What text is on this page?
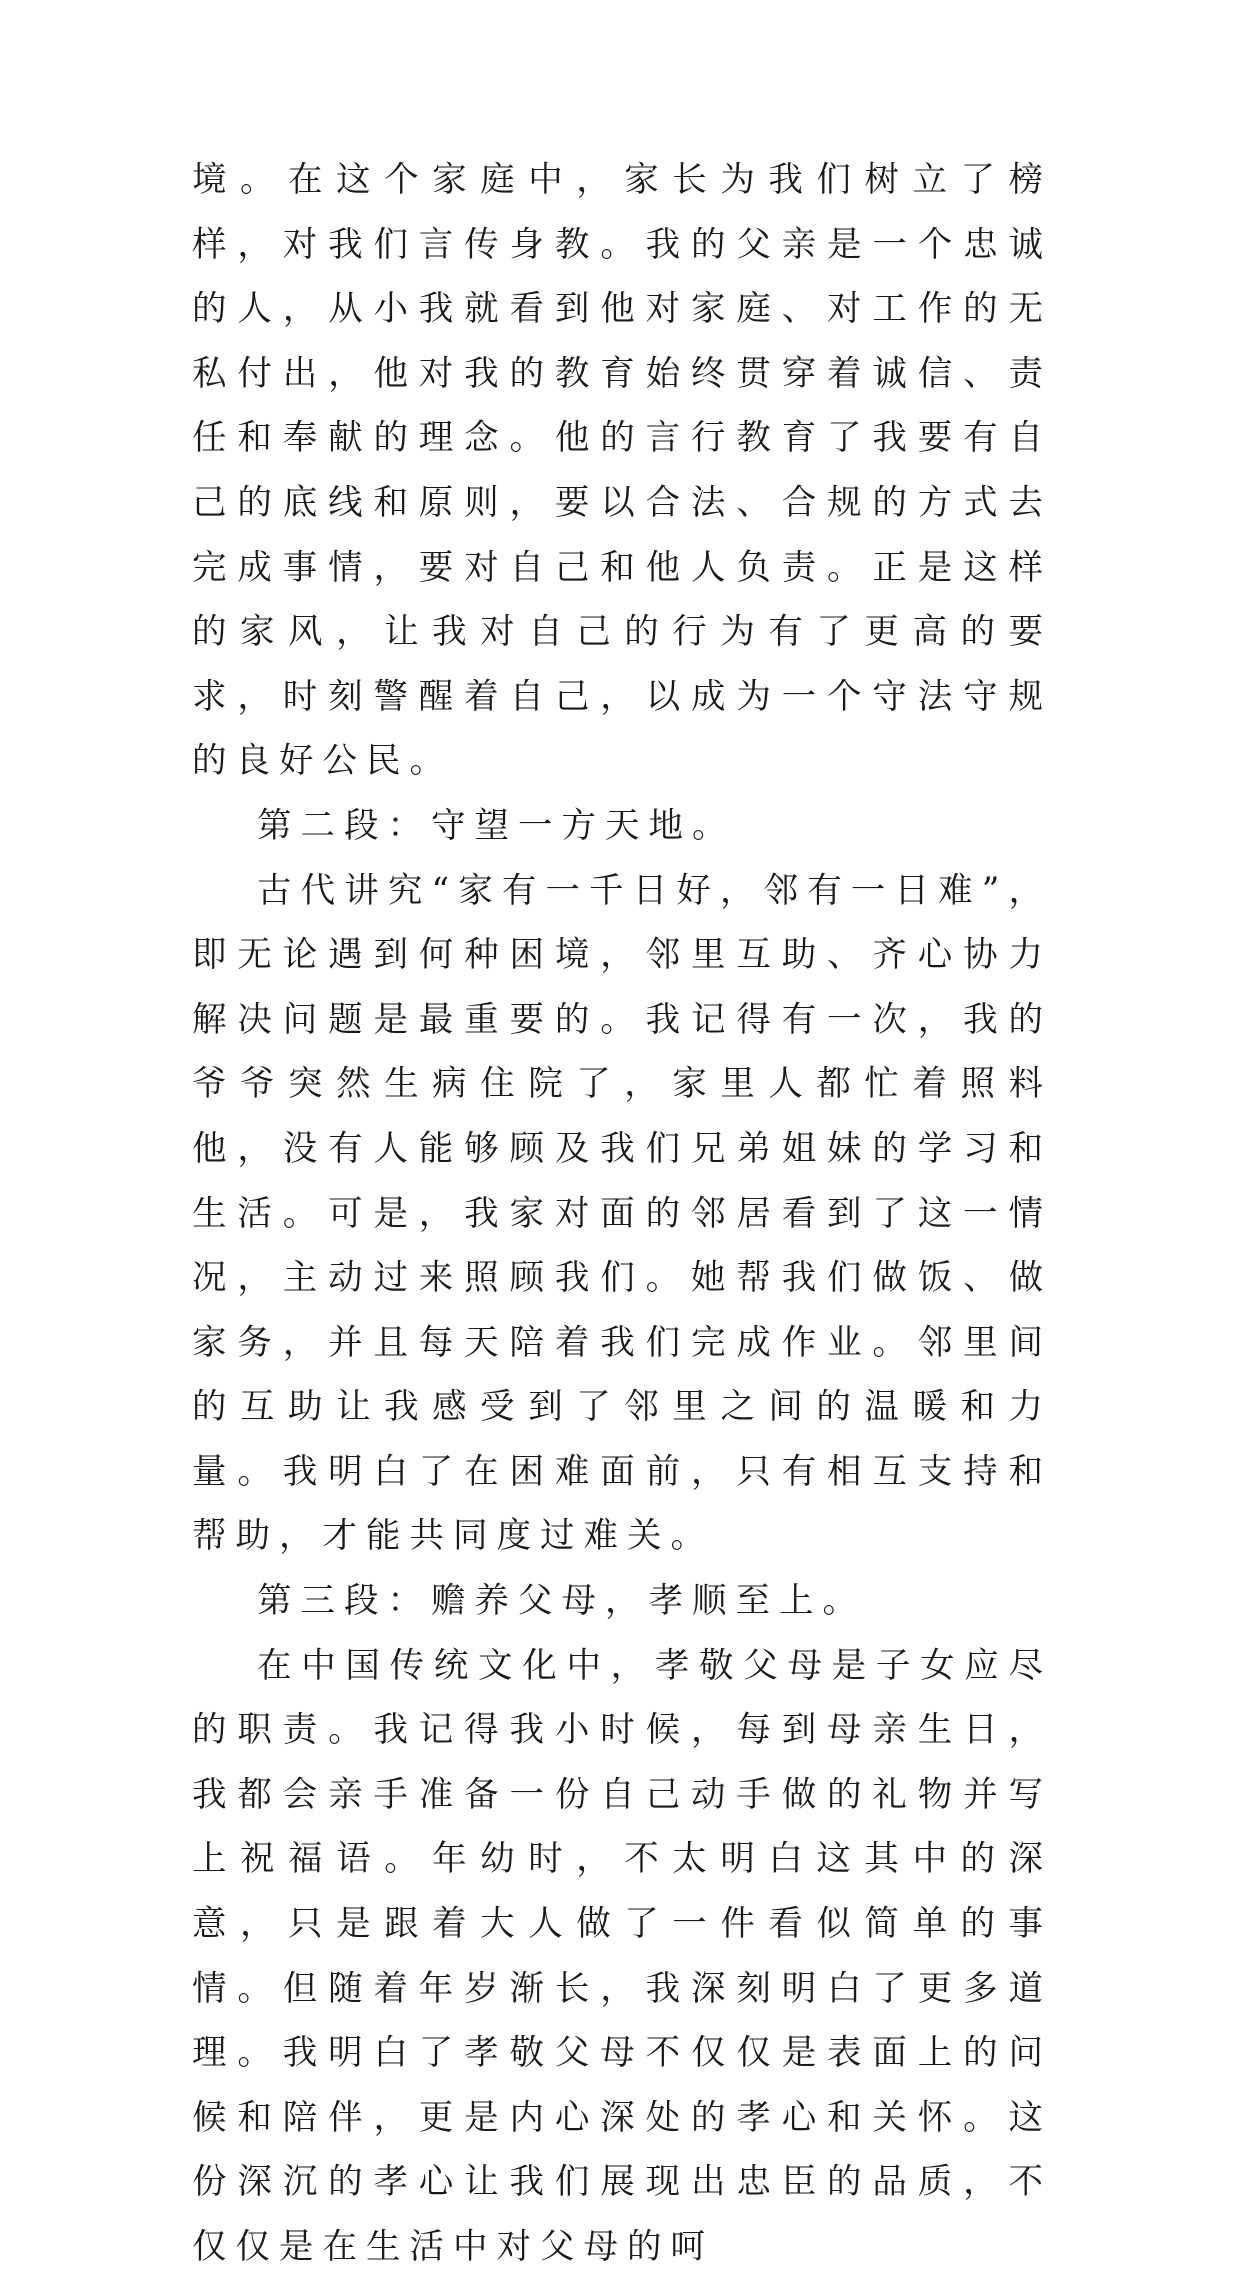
境。在这个家庭中，家长为我们树立了榜样，对我们言传身教。我的父亲是一个忠诚的人，从小我就看到他对家庭、对工作的无私付出，他对我的教育始终贯穿着诚信、责任和奉献的理念。他的言行教育了我要有自己的底线和原则，要以合法、合规的方式去完成事情，要对自己和他人负责。正是这样的家风，让我对自己的行为有了更高的要求，时刻警醒着自己，以成为一个守法守规的良好公民。

第二段：守望一方天地。

古代讲究“家有一千日好，邻有一日难”，即无论遇到何种困境，邻里互助、齐心协力解决问题是最重要的。我记得有一次，我的爷爷突然生病住院了，家里人都忙着照料他，没有人能够顾及我们兄弟姐妹的学习和生活。可是，我家对面的邻居看到了这一情况，主动过来照顾我们。她帮我们做饭、做家务，并且每天陪着我们完成作业。邻里间的互助让我感受到了邻里之间的温暖和力量。我明白了在困难面前，只有相互支持和帮助，才能共同度过难关。

第三段：赡养父母，孝顺至上。

在中国传统文化中，孝敬父母是子女应尽的职责。我记得我小时候，每到母亲生日，我都会亲手准备一份自己动手做的礼物并写上祝福语。年幼时，不太明白这其中的深意，只是跟着大人做了一件看似简单的事情。但随着年岁渐长，我深刻明白了更多道理。我明白了孝敬父母不仅仅是表面上的问候和陪伴，更是内心深处的孝心和关怀。这份深沉的孝心让我们展现出忠臣的品质，不仅仅是在生活中对父母的呵
